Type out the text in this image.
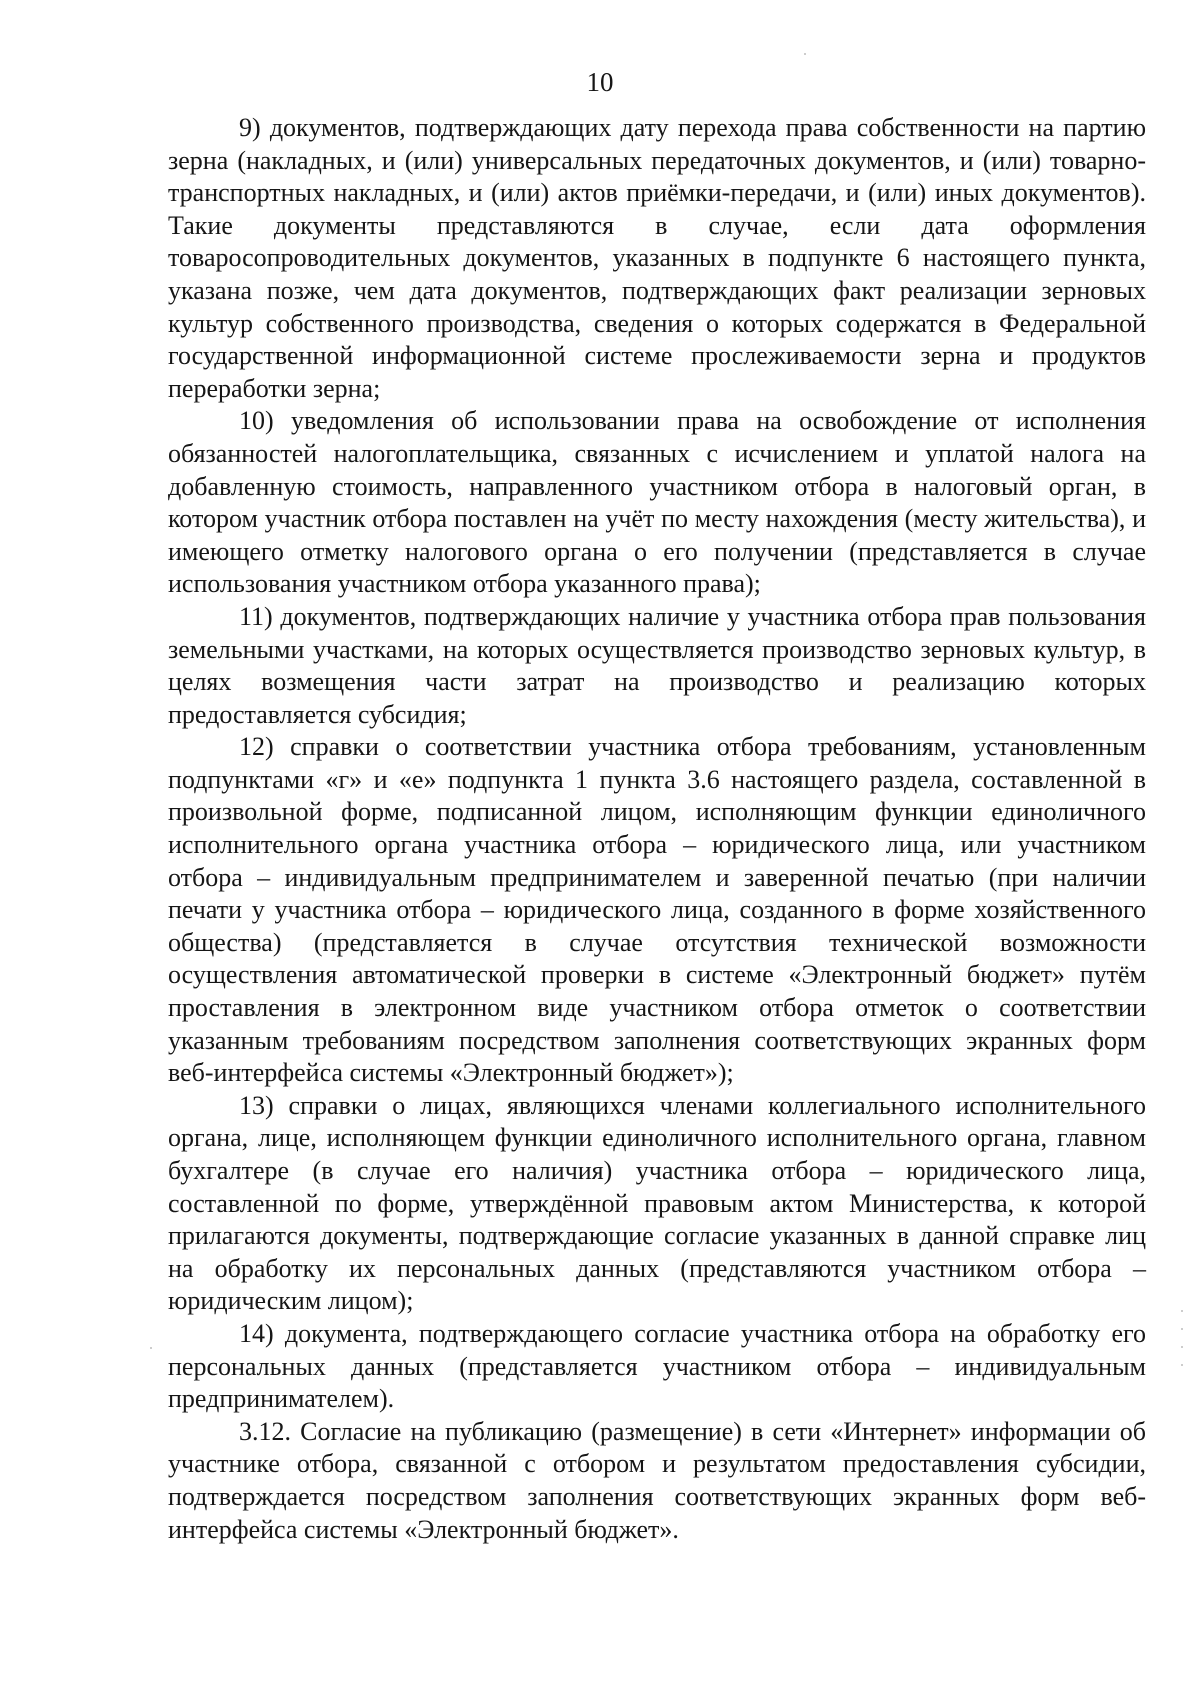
10

9) документов, подтверждающих дату перехода права собственности на партию зерна (накладных, и (или) универсальных передаточных документов, и (или) товарно-транспортных накладных, и (или) актов приёмки-передачи, и (или) иных документов). Такие документы представляются в случае, если дата оформления товаросопроводительных документов, указанных в подпункте 6 настоящего пункта, указана позже, чем дата документов, подтверждающих факт реализации зерновых культур собственного производства, сведения о которых содержатся в Федеральной государственной информационной системе прослеживаемости зерна и продуктов переработки зерна;

10) уведомления об использовании права на освобождение от исполнения обязанностей налогоплательщика, связанных с исчислением и уплатой налога на добавленную стоимость, направленного участником отбора в налоговый орган, в котором участник отбора поставлен на учёт по месту нахождения (месту жительства), и имеющего отметку налогового органа о его получении (представляется в случае использования участником отбора указанного права);

11) документов, подтверждающих наличие у участника отбора прав пользования земельными участками, на которых осуществляется производство зерновых культур, в целях возмещения части затрат на производство и реализацию которых предоставляется субсидия;

12) справки о соответствии участника отбора требованиям, установленным подпунктами «г» и «е» подпункта 1 пункта 3.6 настоящего раздела, составленной в произвольной форме, подписанной лицом, исполняющим функции единоличного исполнительного органа участника отбора – юридического лица, или участником отбора – индивидуальным предпринимателем и заверенной печатью (при наличии печати у участника отбора – юридического лица, созданного в форме хозяйственного общества) (представляется в случае отсутствия технической возможности осуществления автоматической проверки в системе «Электронный бюджет» путём проставления в электронном виде участником отбора отметок о соответствии указанным требованиям посредством заполнения соответствующих экранных форм веб-интерфейса системы «Электронный бюджет»);

13) справки о лицах, являющихся членами коллегиального исполнительного органа, лице, исполняющем функции единоличного исполнительного органа, главном бухгалтере (в случае его наличия) участника отбора – юридического лица, составленной по форме, утверждённой правовым актом Министерства, к которой прилагаются документы, подтверждающие согласие указанных в данной справке лиц на обработку их персональных данных (представляются участником отбора – юридическим лицом);

14) документа, подтверждающего согласие участника отбора на обработку его персональных данных (представляется участником отбора – индивидуальным предпринимателем).

3.12. Согласие на публикацию (размещение) в сети «Интернет» информации об участнике отбора, связанной с отбором и результатом предоставления субсидии, подтверждается посредством заполнения соответствующих экранных форм веб-интерфейса системы «Электронный бюджет».
